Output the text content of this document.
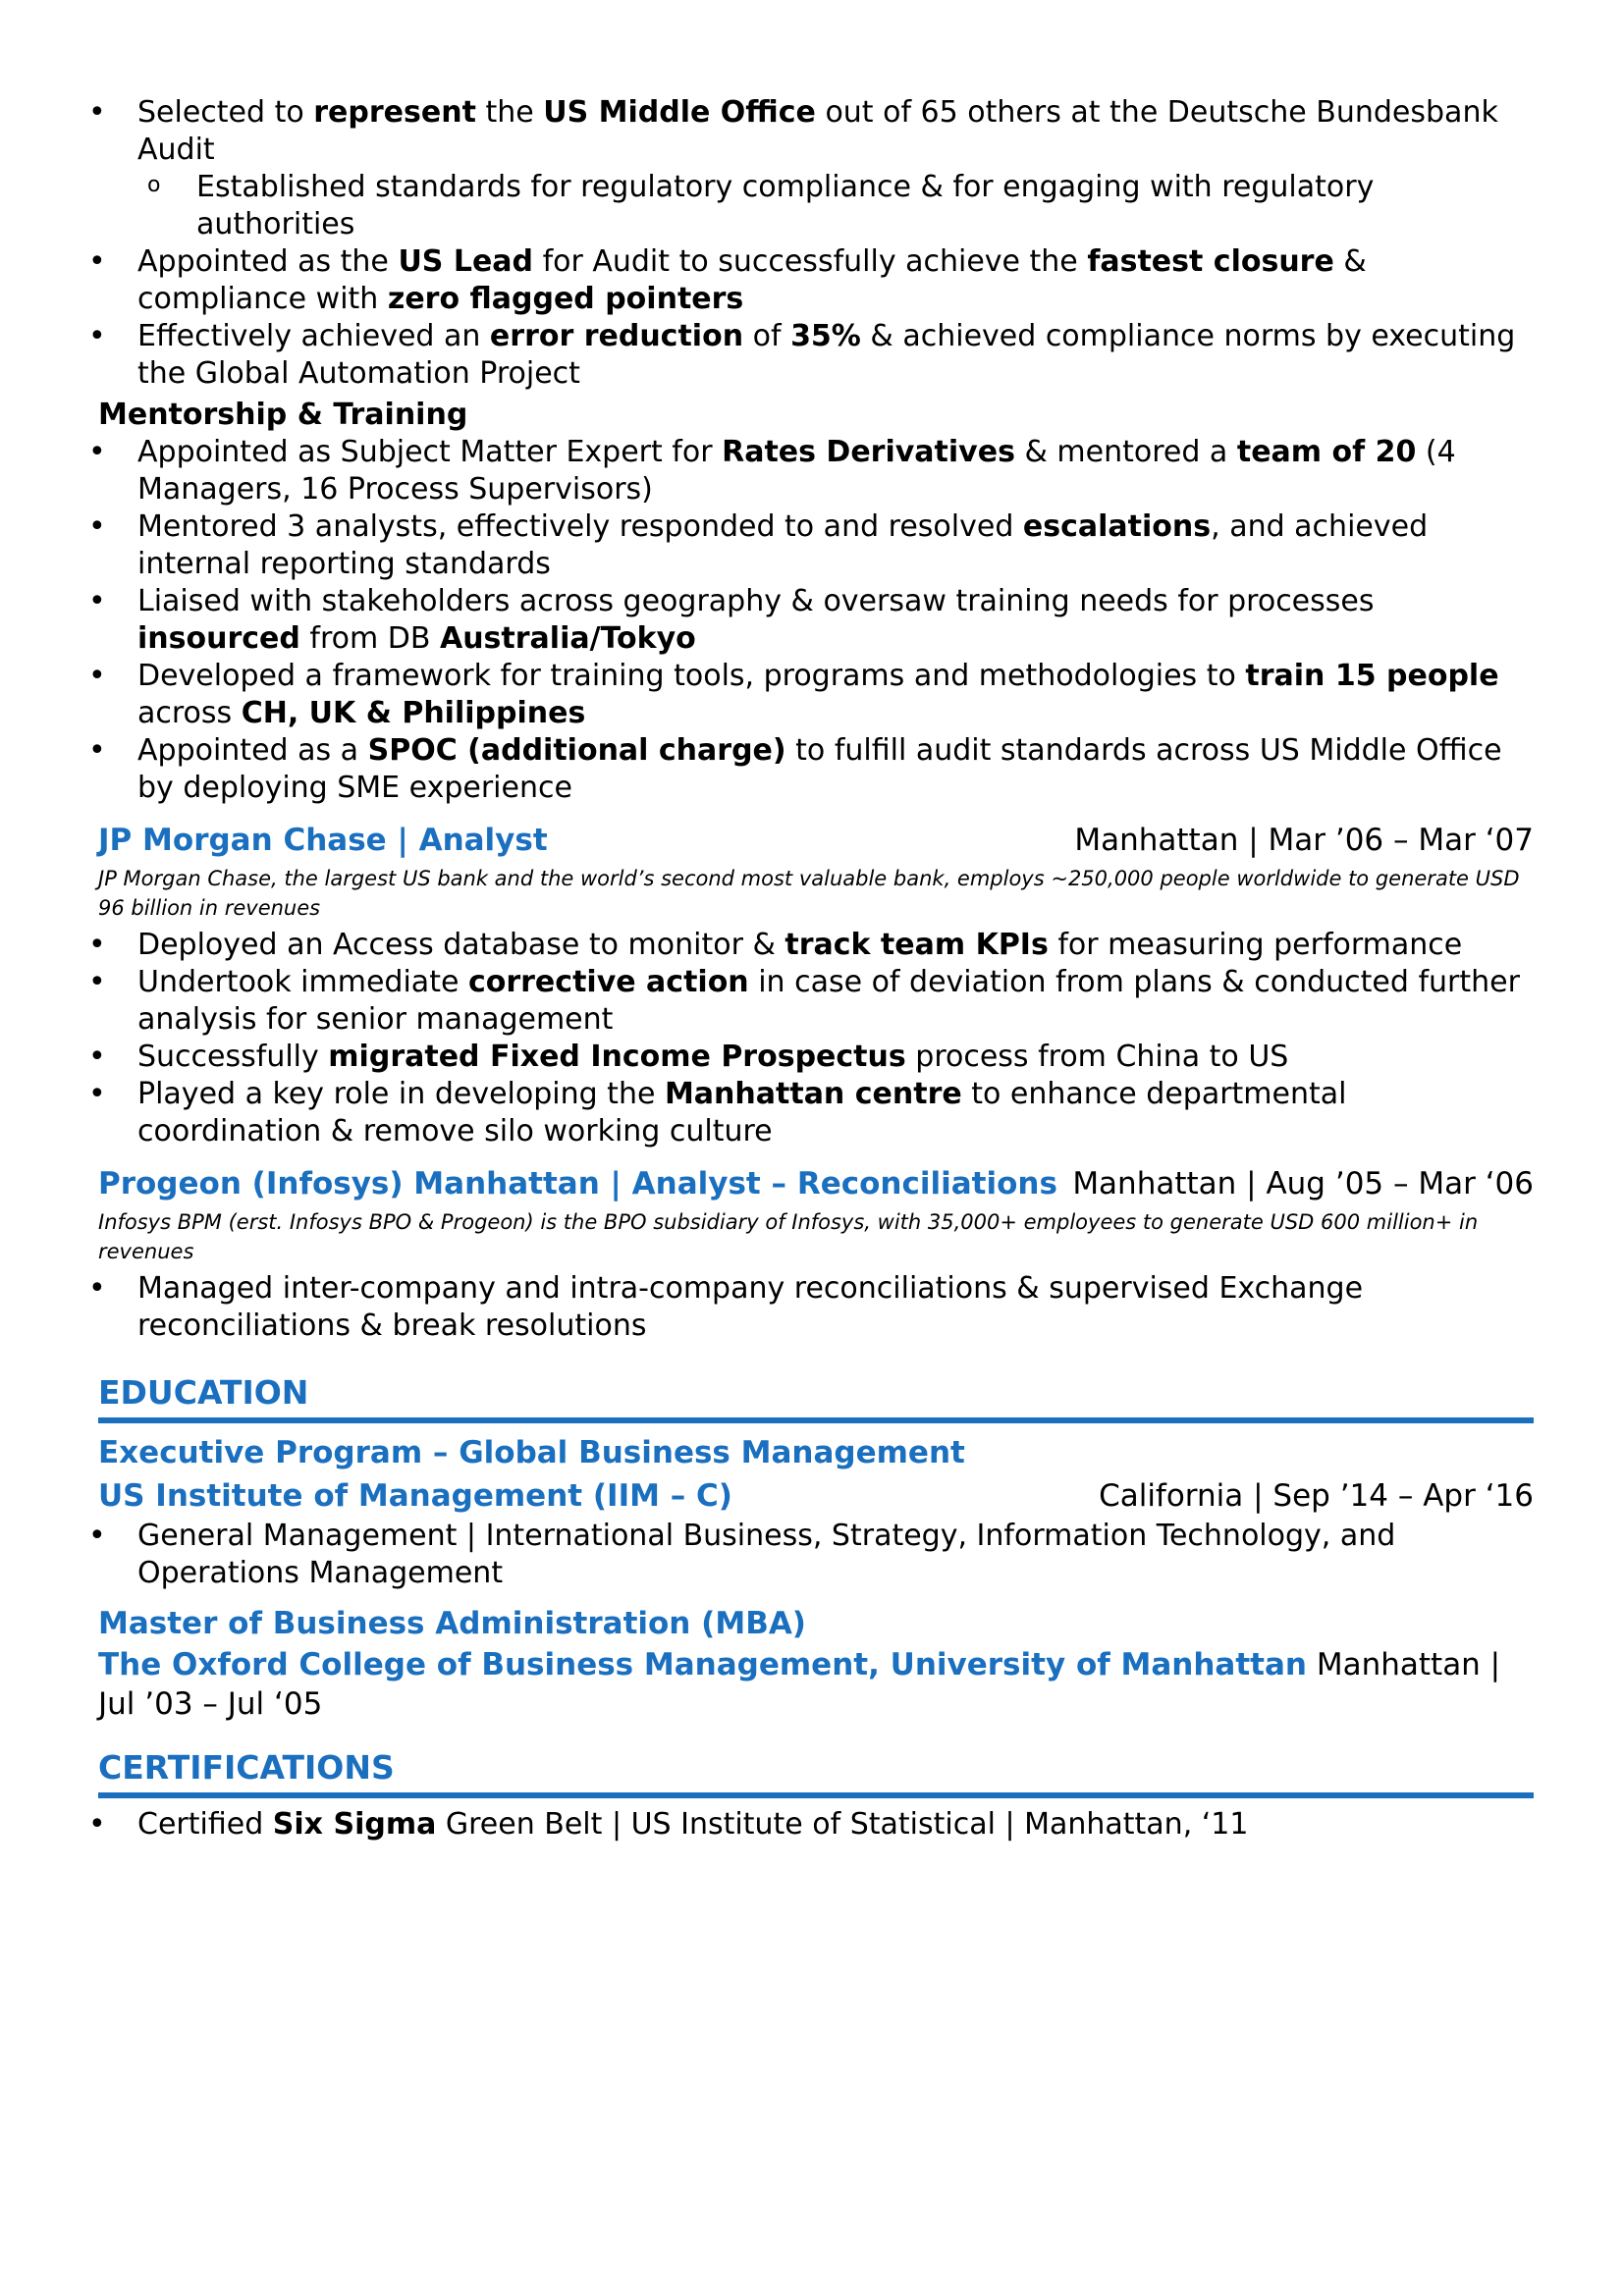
• Selected to represent the US Middle Office out of 65 others at the Deutsche Bundesbank Audit
o Established standards for regulatory compliance & for engaging with regulatory authorities
• Appointed as the US Lead for Audit to successfully achieve the fastest closure & compliance with zero flagged pointers
• Effectively achieved an error reduction of 35% & achieved compliance norms by executing the Global Automation Project
Mentorship & Training
• Appointed as Subject Matter Expert for Rates Derivatives & mentored a team of 20 (4 Managers, 16 Process Supervisors)
• Mentored 3 analysts, effectively responded to and resolved escalations, and achieved internal reporting standards
• Liaised with stakeholders across geography & oversaw training needs for processes insourced from DB Australia/Tokyo
• Developed a framework for training tools, programs and methodologies to train 15 people across CH, UK & Philippines
• Appointed as a SPOC (additional charge) to fulfill audit standards across US Middle Office by deploying SME experience
JP Morgan Chase | Analyst	Manhattan | Mar ’06 – Mar ‘07
JP Morgan Chase, the largest US bank and the world’s second most valuable bank, employs ~250,000 people worldwide to generate USD 96 billion in revenues
• Deployed an Access database to monitor & track team KPIs for measuring performance
• Undertook immediate corrective action in case of deviation from plans & conducted further analysis for senior management
• Successfully migrated Fixed Income Prospectus process from China to US
• Played a key role in developing the Manhattan centre to enhance departmental coordination & remove silo working culture
Progeon (Infosys) Manhattan | Analyst – Reconciliations Manhattan | Aug ’05 – Mar ‘06
Infosys BPM (erst. Infosys BPO & Progeon) is the BPO subsidiary of Infosys, with 35,000+ employees to generate USD 600 million+ in revenues
• Managed inter-company and intra-company reconciliations & supervised Exchange reconciliations & break resolutions
EDUCATION
Executive Program – Global Business Management
US Institute of Management (IIM – C)	California | Sep ’14 – Apr ‘16
• General Management | International Business, Strategy, Information Technology, and Operations Management
Master of Business Administration (MBA)
The Oxford College of Business Management, University of Manhattan Manhattan | Jul ’03 – Jul ‘05
CERTIFICATIONS
• Certified Six Sigma Green Belt | US Institute of Statistical | Manhattan, ‘11
